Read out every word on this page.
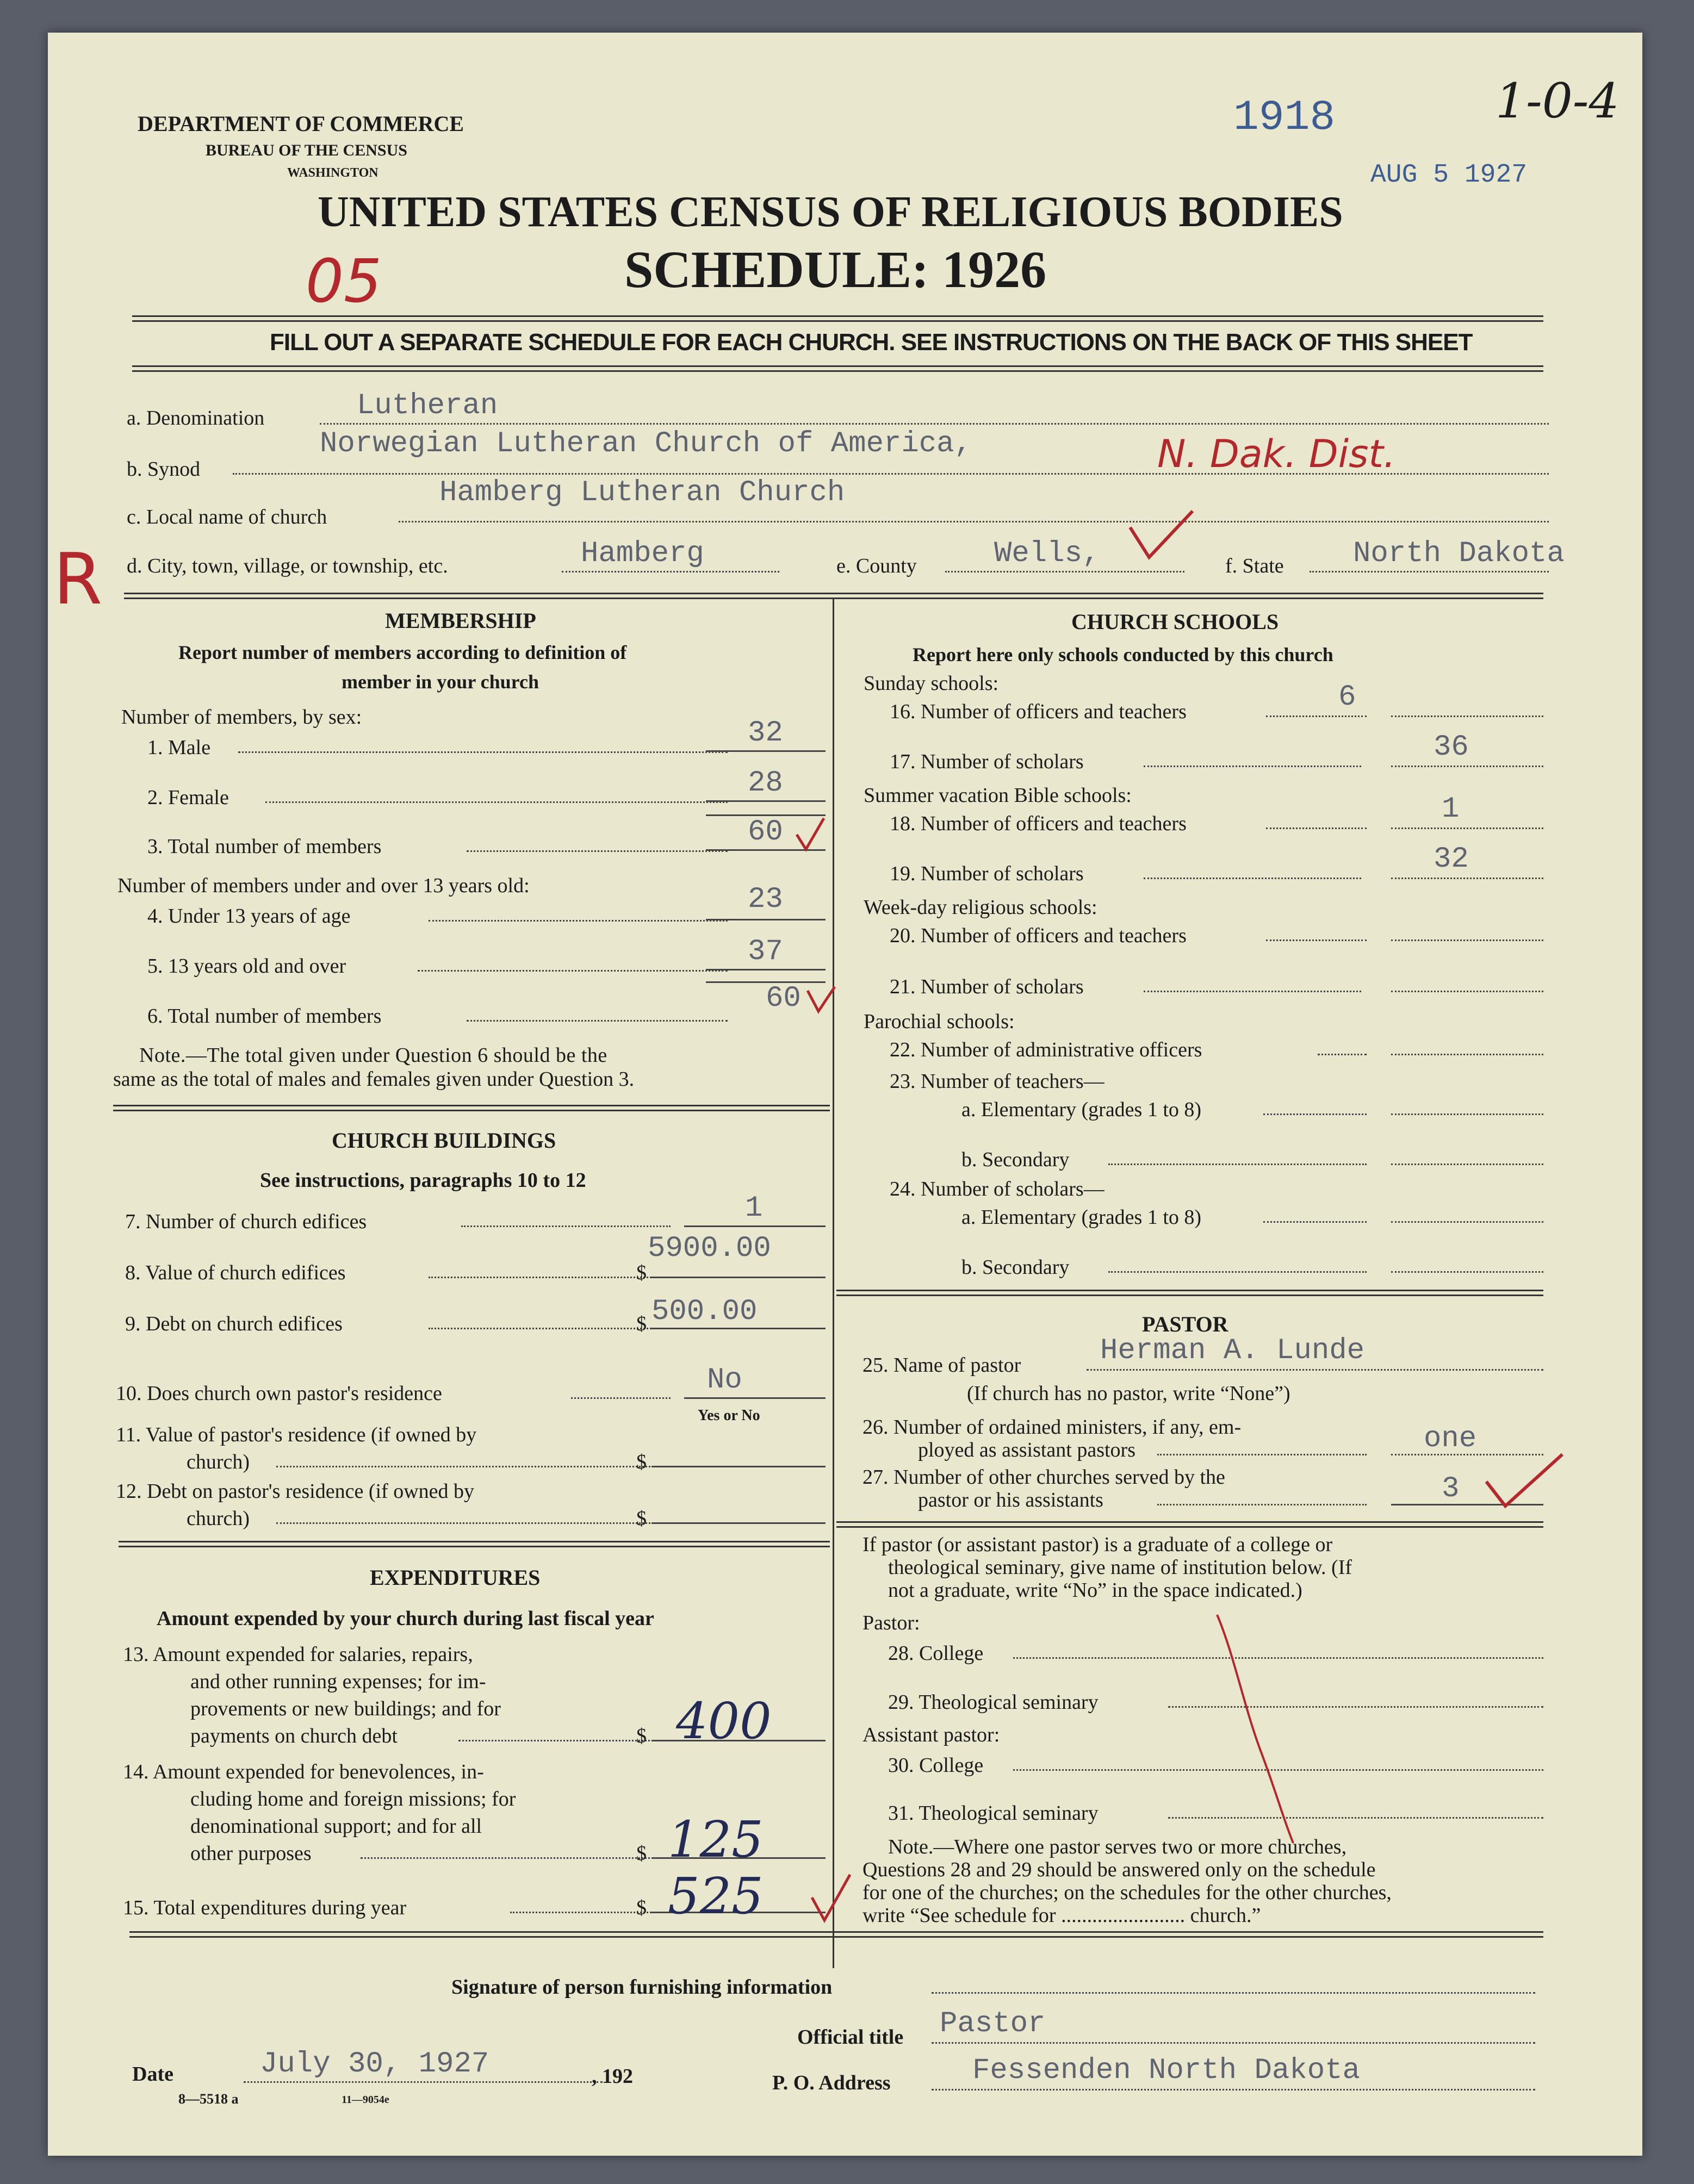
DEPARTMENT OF COMMERCE
BUREAU OF THE CENSUS
WASHINGTON
1918
AUG 5 1927
1-0-4
05
UNITED STATES CENSUS OF RELIGIOUS BODIES
SCHEDULE: 1926
FILL OUT A SEPARATE SCHEDULE FOR EACH CHURCH. SEE INSTRUCTIONS ON THE BACK OF THIS SHEET
a. Denomination	Lutheran
b. Synod
Norwegian Lutheran Church of America,	N. Dak. Dist.
c. Local name of church
Hamberg Lutheran Church
R d. City, town, village, or township, etc.	Hamberg	e. County	Wells,	f. State North Dakota
MEMBERSHIP
Report number of members according to definition of
member in your church
Number of members, by sex:
1. Male	32
2. Female	28
3. Total number of members	60
Number of members under and over 13 years old:
4. Under 13 years of age	23
5. 13 years old and over	37
6. Total number of members
60
Note.—The total given under Question 6 should be the
same as the total of males and females given under Question 3.
CHURCH BUILDINGS
See instructions, paragraphs 10 to 12
7. Number of church edifices	1
8. Value of church edifices	$
5900.00
9. Debt on church edifices	$ 500.00
10. Does church own pastor's residence	No
Yes or No
11. Value of pastor's residence (if owned by
church)	$
12. Debt on pastor's residence (if owned by
church)	$
EXPENDITURES
Amount expended by your church during last fiscal year
13. Amount expended for salaries, repairs,
and other running expenses; for im-
provements or new buildings; and for
payments on church debt	$ 400
14. Amount expended for benevolences, in-
cluding home and foreign missions; for
denominational support; and for all
other purposes	$ 125
15. Total expenditures during year	$ 525
CHURCH SCHOOLS
Report here only schools conducted by this church
Sunday schools:
16. Number of officers and teachers	6
17. Number of scholars	36
Summer vacation Bible schools:
18. Number of officers and teachers	1
19. Number of scholars	32
Week-day religious schools:
20. Number of officers and teachers
21. Number of scholars
Parochial schools:
22. Number of administrative officers
23. Number of teachers—
a. Elementary (grades 1 to 8)
b. Secondary
24. Number of scholars—
a. Elementary (grades 1 to 8)
b. Secondary
PASTOR
25. Name of pastor	Herman A. Lunde
(If church has no pastor, write “None”)
26. Number of ordained ministers, if any, em-
ployed as assistant pastors	one
27. Number of other churches served by the
pastor or his assistants	3
If pastor (or assistant pastor) is a graduate of a college or
theological seminary, give name of institution below. (If
not a graduate, write “No” in the space indicated.)
Pastor:
28. College
29. Theological seminary
Assistant pastor:
30. College
31. Theological seminary
Note.—Where one pastor serves two or more churches,
Questions 28 and 29 should be answered only on the schedule
for one of the churches; on the schedules for the other churches,
write “See schedule for ........................ church.”
Signature of person furnishing information
Official title Pastor
Date	July 30, 1927	, 192
8—5518 a	11—9054e
P. O. Address	Fessenden North Dakota
